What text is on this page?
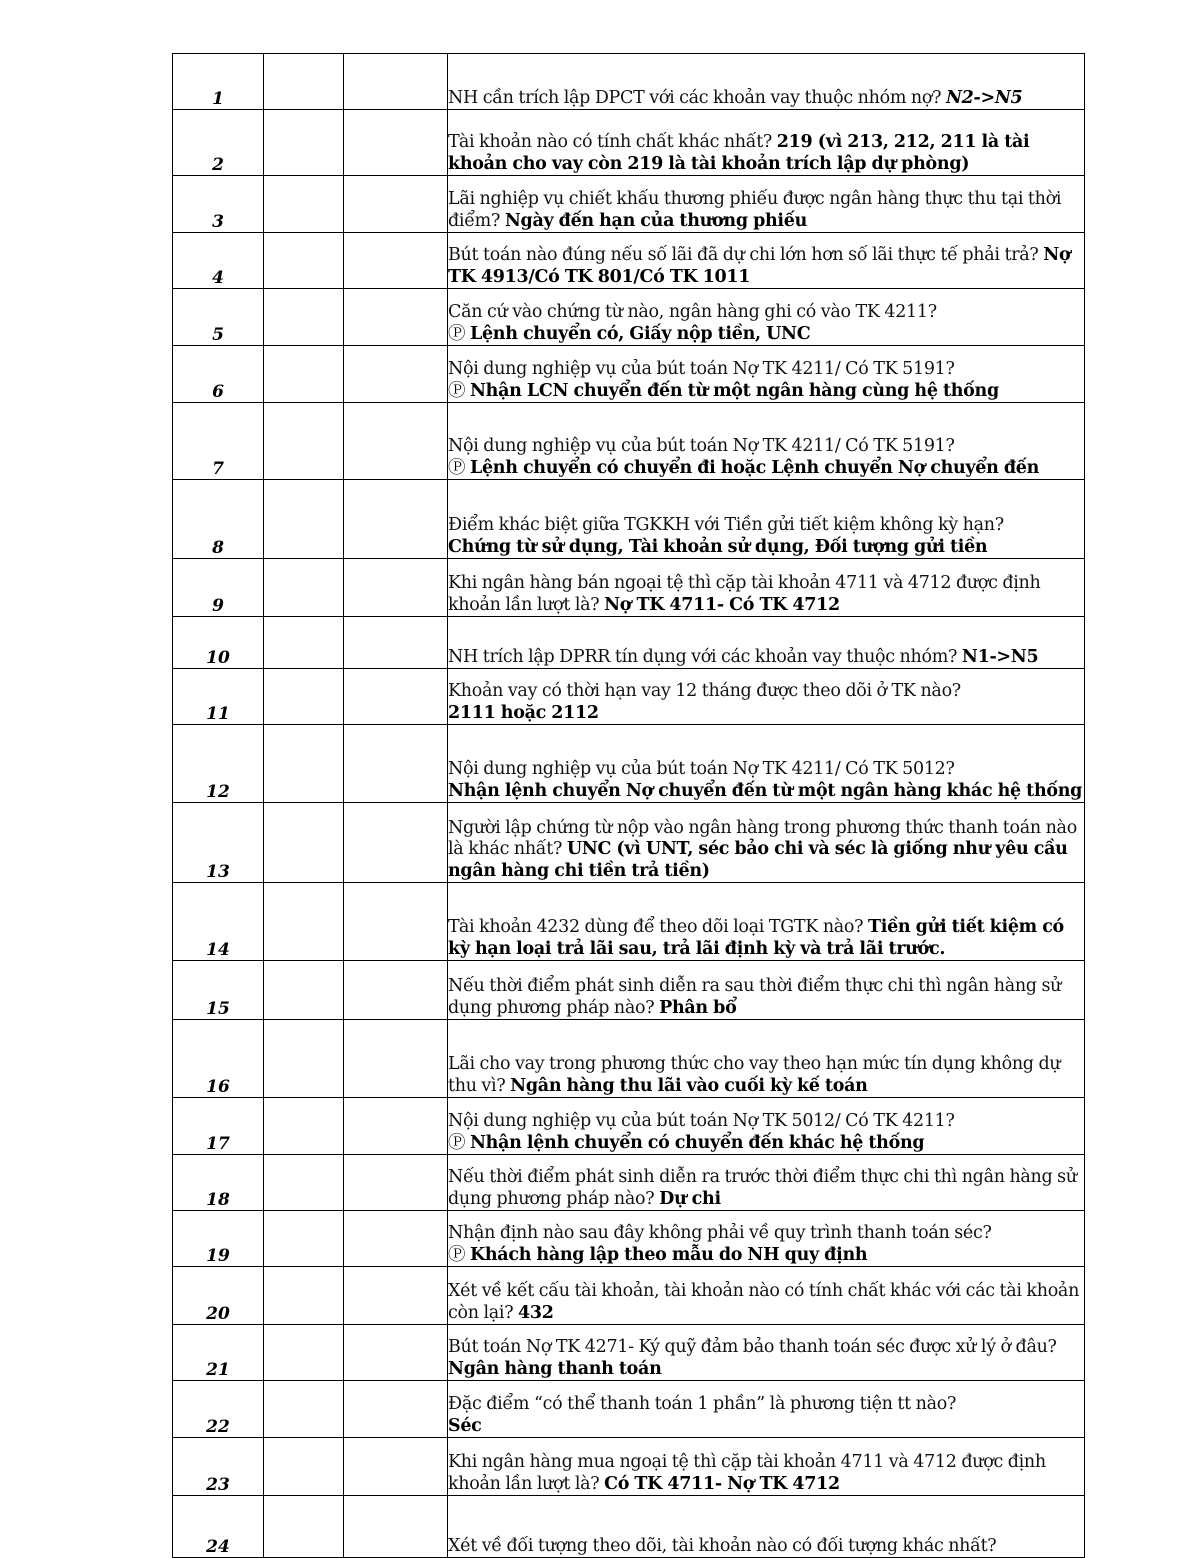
1			NH cần trích lập DPCT với các khoản vay thuộc nhóm nợ? N2->N5
2			Tài khoản nào có tính chất khác nhất? 219 (vì 213, 212, 211 là tài khoản cho vay còn 219 là tài khoản trích lập dự phòng)
3			Lãi nghiệp vụ chiết khấu thương phiếu được ngân hàng thực thu tại thời điểm? Ngày đến hạn của thương phiếu
4			Bút toán nào đúng nếu số lãi đã dự chi lớn hơn số lãi thực tế phải trả? Nợ TK 4913/Có TK 801/Có TK 1011
5			Căn cứ vào chứng từ nào, ngân hàng ghi có vào TK 4211?
Ⓟ Lệnh chuyển có, Giấy nộp tiền, UNC
6			Nội dung nghiệp vụ của bút toán Nợ TK 4211/ Có TK 5191?
Ⓟ Nhận LCN chuyển đến từ một ngân hàng cùng hệ thống
7			Nội dung nghiệp vụ của bút toán Nợ TK 4211/ Có TK 5191?
Ⓟ Lệnh chuyển có chuyển đi hoặc Lệnh chuyển Nợ chuyển đến
8			Điểm khác biệt giữa TGKKH với Tiền gửi tiết kiệm không kỳ hạn?
Chứng từ sử dụng, Tài khoản sử dụng, Đối tượng gửi tiền
9			Khi ngân hàng bán ngoại tệ thì cặp tài khoản 4711 và 4712 được định khoản lần lượt là? Nợ TK 4711- Có TK 4712
10			NH trích lập DPRR tín dụng với các khoản vay thuộc nhóm? N1->N5
11			Khoản vay có thời hạn vay 12 tháng được theo dõi ở TK nào?
2111 hoặc 2112
12			Nội dung nghiệp vụ của bút toán Nợ TK 4211/ Có TK 5012?
Nhận lệnh chuyển Nợ chuyển đến từ một ngân hàng khác hệ thống
13			Người lập chứng từ nộp vào ngân hàng trong phương thức thanh toán nào là khác nhất? UNC (vì UNT, séc bảo chi và séc là giống như yêu cầu ngân hàng chi tiền trả tiền)
14			Tài khoản 4232 dùng để theo dõi loại TGTK nào? Tiền gửi tiết kiệm có kỳ hạn loại trả lãi sau, trả lãi định kỳ và trả lãi trước.
15			Nếu thời điểm phát sinh diễn ra sau thời điểm thực chi thì ngân hàng sử dụng phương pháp nào? Phân bổ
16			Lãi cho vay trong phương thức cho vay theo hạn mức tín dụng không dự thu vì? Ngân hàng thu lãi vào cuối kỳ kế toán
17			Nội dung nghiệp vụ của bút toán Nợ TK 5012/ Có TK 4211?
Ⓟ Nhận lệnh chuyển có chuyển đến khác hệ thống
18			Nếu thời điểm phát sinh diễn ra trước thời điểm thực chi thì ngân hàng sử dụng phương pháp nào? Dự chi
19			Nhận định nào sau đây không phải về quy trình thanh toán séc?
Ⓟ Khách hàng lập theo mẫu do NH quy định
20			Xét về kết cấu tài khoản, tài khoản nào có tính chất khác với các tài khoản còn lại? 432
21			Bút toán Nợ TK 4271- Ký quỹ đảm bảo thanh toán séc được xử lý ở đâu? Ngân hàng thanh toán
22			Đặc điểm “có thể thanh toán 1 phần” là phương tiện tt nào?
Séc
23			Khi ngân hàng mua ngoại tệ thì cặp tài khoản 4711 và 4712 được định khoản lần lượt là? Có TK 4711- Nợ TK 4712
24			Xét về đối tượng theo dõi, tài khoản nào có đối tượng khác nhất?
